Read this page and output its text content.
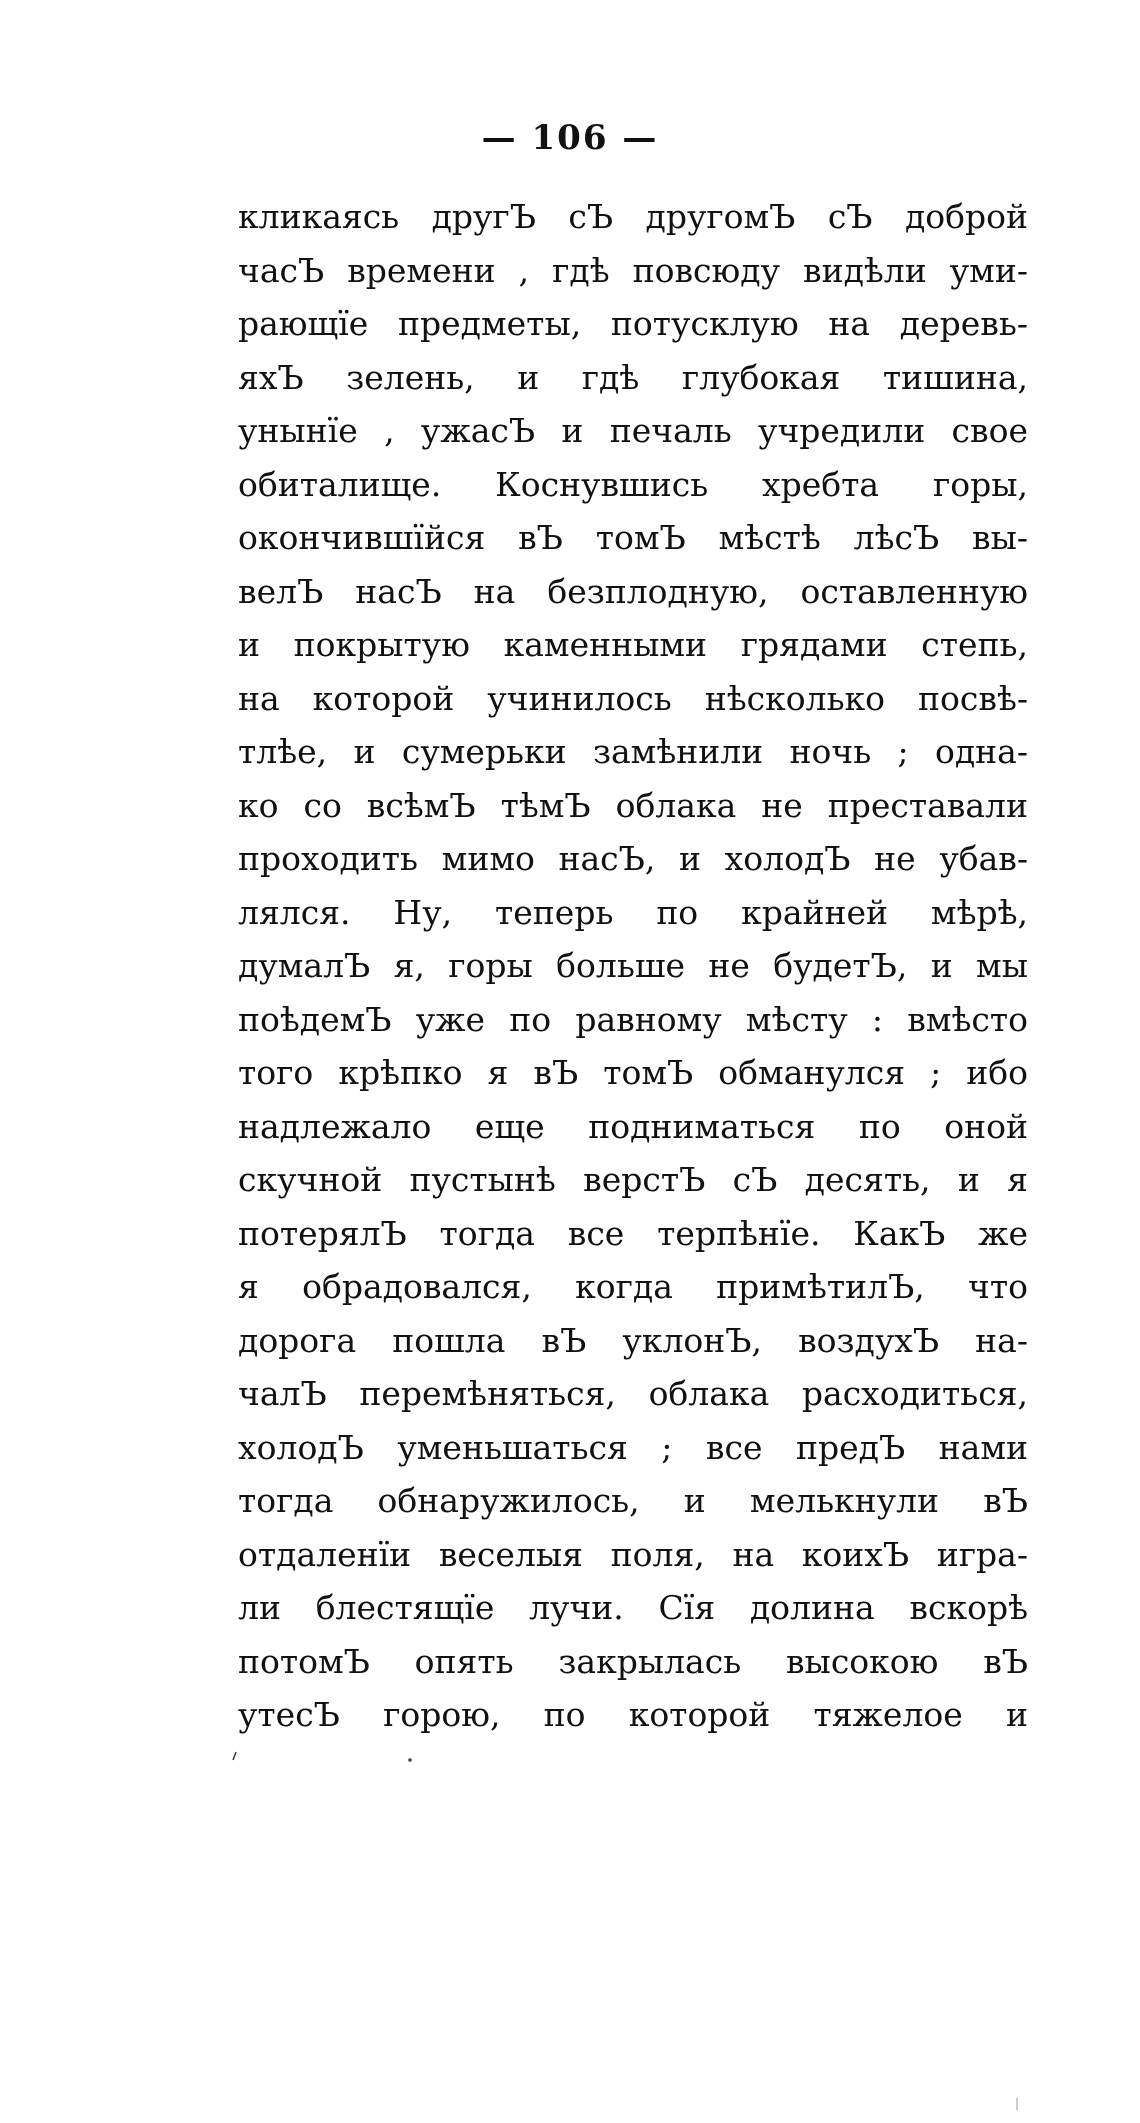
— 106 —
кликаясь другЪ сЪ другомЪ сЪ доброй
часЪ времени , гдѣ повсюду видѣли уми-
рающїе предметы, потусклую на деревь-
яхЪ зелень, и гдѣ глубокая тишина,
унынїе , ужасЪ и печаль учредили свое
обиталище. Коснувшись хребта горы,
окончившїйся вЪ томЪ мѣстѣ лѣсЪ вы-
велЪ насЪ на безплодную, оставленную
и покрытую каменными грядами степь,
на которой учинилось нѣсколько посвѣ-
тлѣе, и сумерьки замѣнили ночь ; одна-
ко со всѣмЪ тѣмЪ облака не преставали
проходить мимо насЪ, и холодЪ не убав-
лялся. Ну, теперь по крайней мѣрѣ,
думалЪ я, горы больше не будетЪ, и мы
поѣдемЪ уже по равному мѣсту : вмѣсто
того крѣпко я вЪ томЪ обманулся ; ибо
надлежало еще подниматься по оной
скучной пустынѣ верстЪ сЪ десять, и я
потерялЪ тогда все терпѣнїе. КакЪ же
я обрадовался, когда примѣтилЪ, что
дорога пошла вЪ уклонЪ, воздухЪ на-
чалЪ перемѣняться, облака расходиться,
холодЪ уменьшаться ; все предЪ нами
тогда обнаружилось, и мелькнули вЪ
отдаленїи веселыя поля, на коихЪ игра-
ли блестящїе лучи. Сїя долина вскорѣ
потомЪ опять закрылась высокою вЪ
утесЪ горою, по которой тяжелое и
